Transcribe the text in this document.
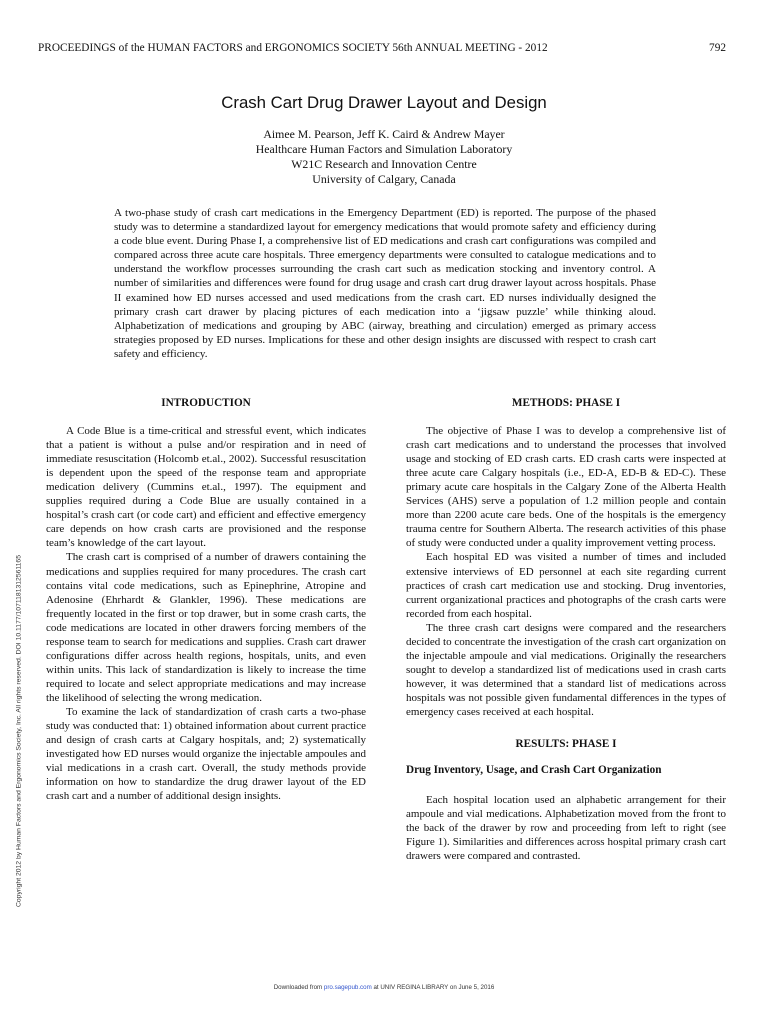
PROCEEDINGS of the HUMAN FACTORS and ERGONOMICS SOCIETY 56th ANNUAL MEETING - 2012	792
Crash Cart Drug Drawer Layout and Design
Aimee M. Pearson, Jeff K. Caird & Andrew Mayer
Healthcare Human Factors and Simulation Laboratory
W21C Research and Innovation Centre
University of Calgary, Canada

A two-phase study of crash cart medications in the Emergency Department (ED) is reported. The purpose of the phased study was to determine a standardized layout for emergency medications that would promote safety and efficiency during a code blue event. During Phase I, a comprehensive list of ED medications and crash cart configurations was compiled and compared across three acute care hospitals. Three emergency departments were consulted to catalogue medications and to understand the workflow processes surrounding the crash cart such as medication stocking and inventory control. A number of similarities and differences were found for drug usage and crash cart drug drawer layout across hospitals. Phase II examined how ED nurses accessed and used medications from the crash cart. ED nurses individually designed the primary crash cart drawer by placing pictures of each medication into a ‘jigsaw puzzle’ while thinking aloud. Alphabetization of medications and grouping by ABC (airway, breathing and circulation) emerged as primary access strategies proposed by ED nurses. Implications for these and other design insights are discussed with respect to crash cart safety and efficiency.

INTRODUCTION

A Code Blue is a time-critical and stressful event, which indicates that a patient is without a pulse and/or respiration and in need of immediate resuscitation (Holcomb et.al., 2002). Successful resuscitation is dependent upon the speed of the response team and appropriate medication delivery (Cummins et.al., 1997). The equipment and supplies required during a Code Blue are usually contained in a hospital’s crash cart (or code cart) and efficient and effective emergency care depends on how crash carts are provisioned and the response team’s knowledge of the cart layout.

The crash cart is comprised of a number of drawers containing the medications and supplies required for many procedures. The crash cart contains vital code medications, such as Epinephrine, Atropine and Adenosine (Ehrhardt & Glankler, 1996). These medications are frequently located in the first or top drawer, but in some crash carts, the code medications are located in other drawers forcing members of the response team to search for medications and supplies. Crash cart drawer configurations differ across health regions, hospitals, units, and even within units. This lack of standardization is likely to increase the time required to locate and select appropriate medications and may increase the likelihood of selecting the wrong medication.

To examine the lack of standardization of crash carts a two-phase study was conducted that: 1) obtained information about current practice and design of crash carts at Calgary hospitals, and; 2) systematically investigated how ED nurses would organize the injectable ampoules and vial medications in a crash cart. Overall, the study methods provide information on how to standardize the drug drawer layout of the ED crash cart and a number of additional design insights.

METHODS: PHASE I

The objective of Phase I was to develop a comprehensive list of crash cart medications and to understand the processes that involved usage and stocking of ED crash carts. ED crash carts were inspected at three acute care Calgary hospitals (i.e., ED-A, ED-B & ED-C). These primary acute care hospitals in the Calgary Zone of the Alberta Health Services (AHS) serve a population of 1.2 million people and contain more than 2200 acute care beds. One of the hospitals is the emergency trauma centre for Southern Alberta. The research activities of this phase of study were conducted under a quality improvement vetting process.

Each hospital ED was visited a number of times and included extensive interviews of ED personnel at each site regarding current practices of crash cart medication use and stocking. Drug inventories, current organizational practices and photographs of the crash carts were recorded from each hospital.

The three crash cart designs were compared and the researchers decided to concentrate the investigation of the crash cart organization on the injectable ampoule and vial medications. Originally the researchers sought to develop a standardized list of medications used in crash carts however, it was determined that a standard list of medications across hospitals was not possible given fundamental differences in the types of emergency cases received at each hospital.

RESULTS: PHASE I
Drug Inventory, Usage, and Crash Cart Organization

Each hospital location used an alphabetic arrangement for their ampoule and vial medications. Alphabetization moved from the front to the back of the drawer by row and proceeding from left to right (see Figure 1). Similarities and differences across hospital primary crash cart drawers were compared and contrasted.

Copyright 2012 by Human Factors and Ergonomics Society, Inc. All rights reserved. DOI 10.1177/1071181312561165
Downloaded from pro.sagepub.com at UNIV REGINA LIBRARY on June 5, 2016
